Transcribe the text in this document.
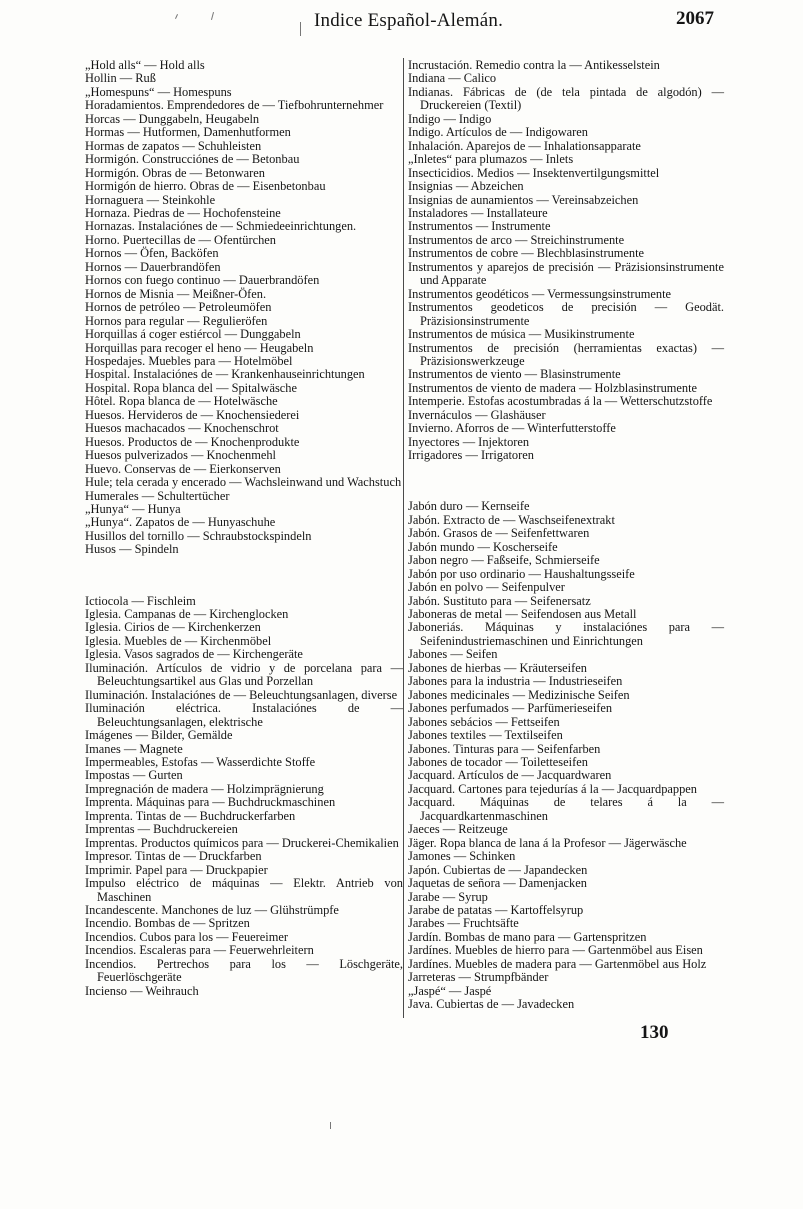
Indice Español-Alemán.	2067

„Hold alls“ — Hold alls

Hollin — Ruß

„Homespuns“ — Homespuns

Horadamientos. Emprendedores de — Tiefbohrunternehmer

Horcas — Dunggabeln, Heugabeln

Hormas — Hutformen, Damenhutformen

Hormas de zapatos — Schuhleisten

Hormigón. Construcciónes de — Betonbau

Hormigón. Obras de — Betonwaren

Hormigón de hierro. Obras de — Eisenbetonbau

Hornaguera — Steinkohle

Hornaza. Piedras de — Hochofensteine

Hornazas. Instalaciónes de — Schmiedeeinrichtungen.

Horno. Puertecillas de — Ofentürchen

Hornos — Öfen, Backöfen

Hornos — Dauerbrandöfen

Hornos con fuego continuo — Dauerbrandöfen

Hornos de Misnia — Meißner-Öfen.

Hornos de petróleo — Petroleumöfen

Hornos para regular — Regulieröfen

Horquillas á coger estiércol — Dunggabeln

Horquillas para recoger el heno — Heugabeln

Hospedajes. Muebles para — Hotelmöbel

Hospital. Instalaciónes de — Krankenhauseinrichtungen

Hospital. Ropa blanca del — Spitalwäsche

Hôtel. Ropa blanca de — Hotelwäsche

Huesos. Hervideros de — Knochensiederei

Huesos machacados — Knochenschrot

Huesos. Productos de — Knochenprodukte

Huesos pulverizados — Knochenmehl

Huevo. Conservas de — Eierkonserven

Hule; tela cerada y encerado — Wachsleinwand und Wachstuch

Humerales — Schultertücher

„Hunya“ — Hunya

„Hunya“. Zapatos de — Hunyaschuhe

Husillos del tornillo — Schraubstockspindeln

Husos — Spindeln

Ictiocola — Fischleim

Iglesia. Campanas de — Kirchenglocken

Iglesia. Cirios de — Kirchenkerzen

Iglesia. Muebles de — Kirchenmöbel

Iglesia. Vasos sagrados de — Kirchengeräte

Iluminación. Artículos de vidrio y de porcelana para — Beleuchtungsartikel aus Glas und Porzellan

Iluminación. Instalaciónes de — Beleuchtungsanlagen, diverse

Iluminación eléctrica. Instalaciónes de — Beleuchtungsanlagen, elektrische

Imágenes — Bilder, Gemälde

Imanes — Magnete

Impermeables, Estofas — Wasserdichte Stoffe

Impostas — Gurten

Impregnación de madera — Holzimprägnierung

Imprenta. Máquinas para — Buchdruckmaschinen

Imprenta. Tintas de — Buchdruckerfarben

Imprentas — Buchdruckereien

Imprentas. Productos químicos para — Druckerei-Chemikalien

Impresor. Tintas de — Druckfarben

Imprimir. Papel para — Druckpapier

Impulso eléctrico de máquinas — Elektr. Antrieb von Maschinen

Incandescente. Manchones de luz — Glühstrümpfe

Incendio. Bombas de — Spritzen

Incendios. Cubos para los — Feuereimer

Incendios. Escaleras para — Feuerwehrleitern

Incendios. Pertrechos para los — Löschgeräte, Feuerlöschgeräte

Incienso — Weihrauch

Incrustación. Remedio contra la — Antikesselstein

Indiana — Calico

Indianas. Fábricas de (de tela pintada de algodón) — Druckereien (Textil)

Indigo — Indigo

Indigo. Artículos de — Indigowaren

Inhalación. Aparejos de — Inhalationsapparate

„Inletes“ para plumazos — Inlets

Insecticidios. Medios — Insektenvertilgungsmittel

Insignias — Abzeichen

Insignias de aunamientos — Vereinsabzeichen

Instaladores — Installateure

Instrumentos — Instrumente

Instrumentos de arco — Streichinstrumente

Instrumentos de cobre — Blechblasinstrumente

Instrumentos y aparejos de precisión — Präzisionsinstrumente und Apparate

Instrumentos geodéticos — Vermessungsinstrumente

Instrumentos geodeticos de precisión — Geodät. Präzisionsinstrumente

Instrumentos de música — Musikinstrumente

Instrumentos de precisión (herramientas exactas) — Präzisionswerkzeuge

Instrumentos de viento — Blasinstrumente

Instrumentos de viento de madera — Holzblasinstrumente

Intemperie. Estofas acostumbradas á la — Wetterschutzstoffe

Invernáculos — Glashäuser

Invierno. Aforros de — Winterfutterstoffe

Inyectores — Injektoren

Irrigadores — Irrigatoren

Jabón duro — Kernseife

Jabón. Extracto de — Waschseifenextrakt

Jabón. Grasos de — Seifenfettwaren

Jabón mundo — Koscherseife

Jabon negro — Faßseife, Schmierseife

Jabón por uso ordinario — Haushaltungsseife

Jabón en polvo — Seifenpulver

Jabón. Sustituto para — Seifenersatz

Jaboneras de metal — Seifendosen aus Metall

Jaboneriás. Máquinas y instalaciónes para — Seifenindustriemaschinen und Einrichtungen

Jabones — Seifen

Jabones de hierbas — Kräuterseifen

Jabones para la industria — Industrieseifen

Jabones medicinales — Medizinische Seifen

Jabones perfumados — Parfümerieseifen

Jabones sebácios — Fettseifen

Jabones textiles — Textilseifen

Jabones. Tinturas para — Seifenfarben

Jabones de tocador — Toiletteseifen

Jacquard. Artículos de — Jacquardwaren

Jacquard. Cartones para tejedurías á la — Jacquardpappen

Jacquard. Máquinas de telares á la — Jacquardkartenmaschinen

Jaeces — Reitzeuge

Jäger. Ropa blanca de lana á la Profesor — Jägerwäsche

Jamones — Schinken

Japón. Cubiertas de — Japandecken

Jaquetas de señora — Damenjacken

Jarabe — Syrup

Jarabe de patatas — Kartoffelsyrup

Jarabes — Fruchtsäfte

Jardín. Bombas de mano para — Gartenspritzen

Jardínes. Muebles de hierro para — Gartenmöbel aus Eisen

Jardínes. Muebles de madera para — Gartenmöbel aus Holz

Jarreteras — Strumpfbänder

„Jaspé“ — Jaspé

Java. Cubiertas de — Javadecken

130
